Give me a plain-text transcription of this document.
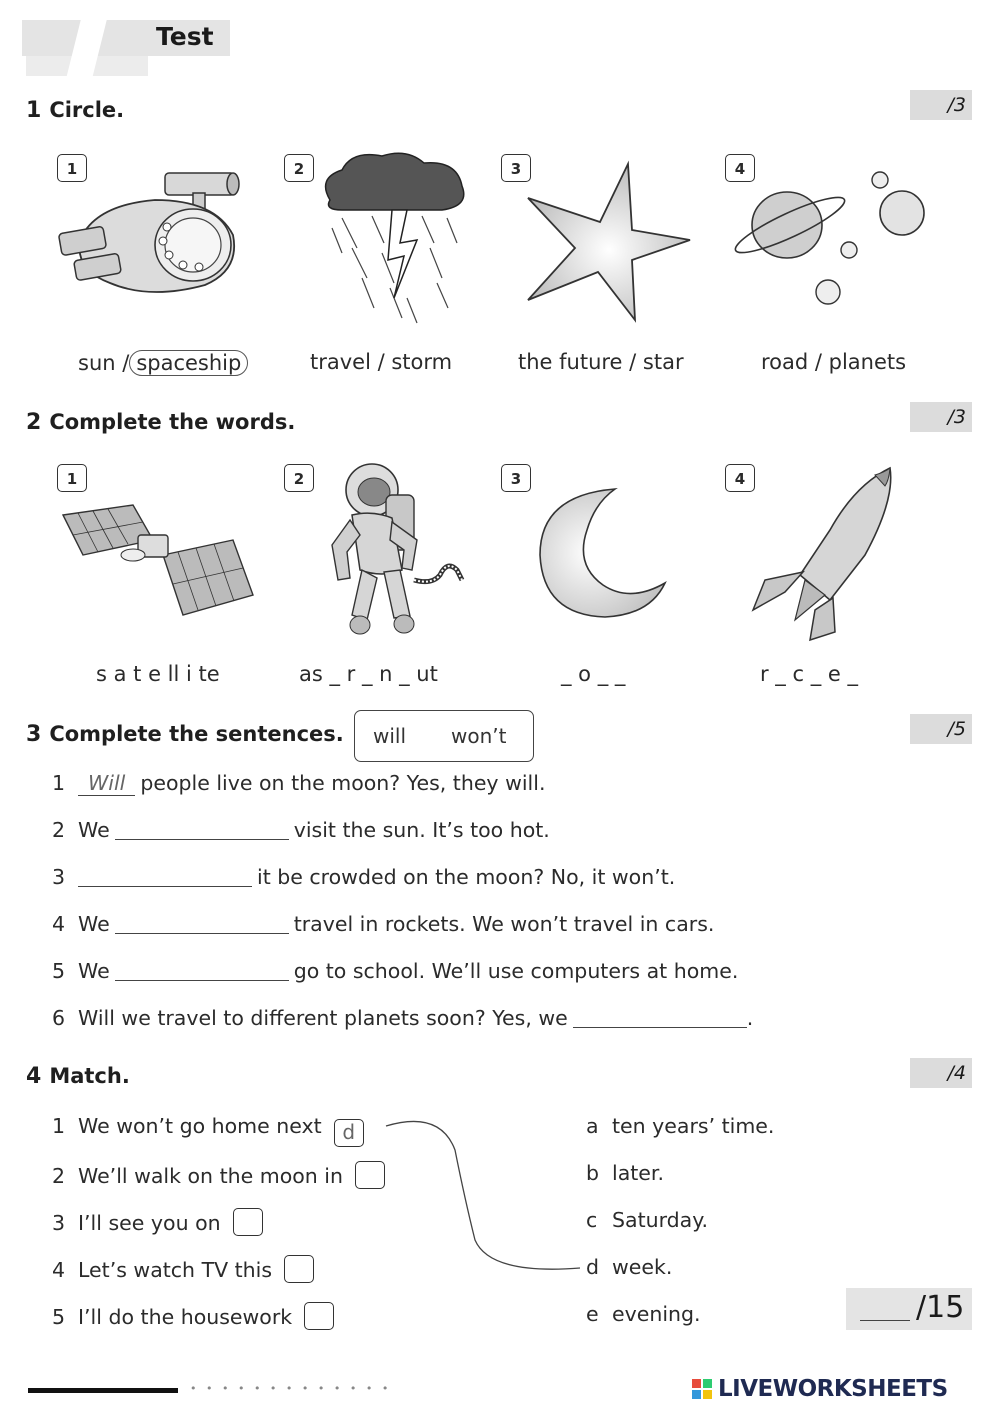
Test
1 Circle.	/3
1	2	3	4
sun / spaceship	travel / storm	the future / star	road / planets
2 Complete the words.	/3
1	2	3	4
s a t e ll i te	as _ r _ n _ ut	_ o _ _	r _ c _ e _
3 Complete the sentences. will won’t	/5
1 Will people live on the moon? Yes, they will.
2 We	visit the sun. It’s too hot.
3	it be crowded on the moon? No, it won’t.
4 We	travel in rockets. We won’t travel in cars.
5 We	go to school. We’ll use computers at home.
6 Will we travel to different planets soon? Yes, we	.
4 Match.	/4
1 We won’t go home next d
2 We’ll walk on the moon in
3 I’ll see you on
4 Let’s watch TV this
5 I’ll do the housework
a ten years’ time.
b later.
c Saturday.
d week.
e evening.	/15
• • • • • • • • • • • • •	LIVEWORKSHEETS
